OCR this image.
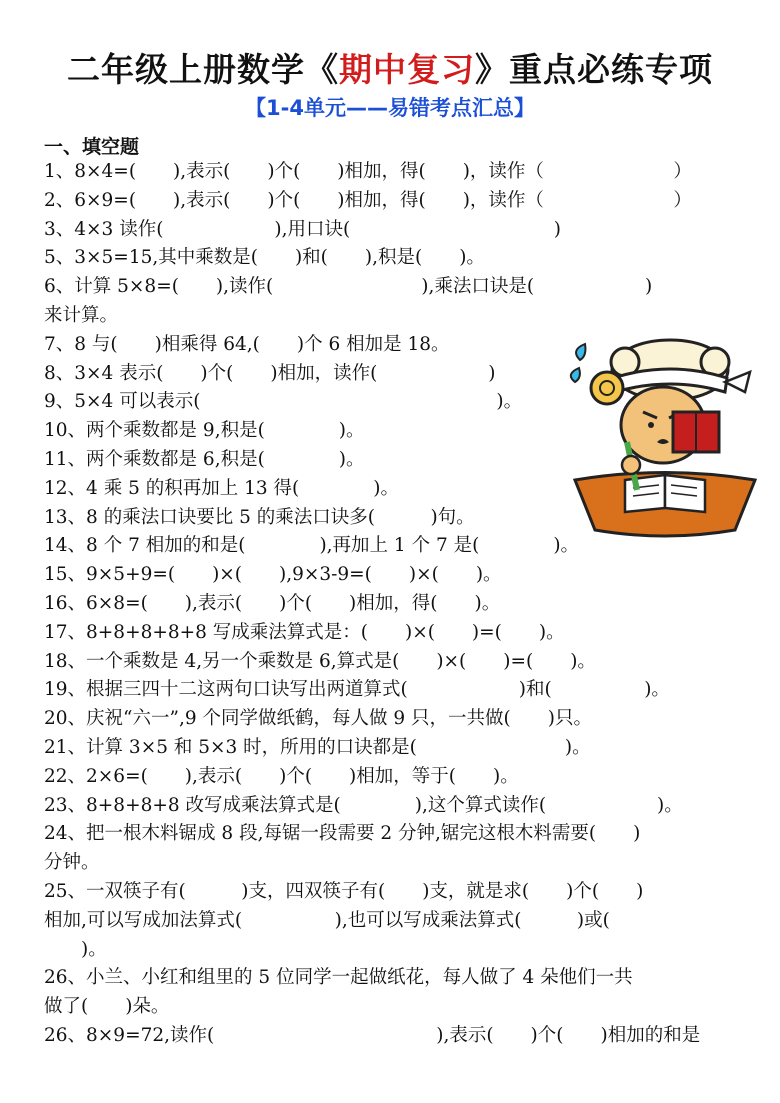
二年级上册数学《期中复习》重点必练专项
【1-4单元——易错考点汇总】
一、填空题
1、8×4=(　　),表示(　　)个(　　)相加，得(　　)，读作（　　　　　　　）
2、6×9=(　　),表示(　　)个(　　)相加，得(　　)，读作（　　　　　　　）
3、4×3 读作(　　　　　　),用口诀(　　　　　　　　　　　)
5、3×5=15,其中乘数是(　　)和(　　),积是(　　)。
6、计算 5×8=(　　),读作(　　　　　　　　),乘法口诀是(　　　　　　)
来计算。
7、8 与(　　)相乘得 64,(　　)个 6 相加是 18。
8、3×4 表示(　　)个(　　)相加，读作(　　　　　　)
9、5×4 可以表示(　　　　　　　　　　　　　　　　)。
10、两个乘数都是 9,积是(　　　　)。
11、两个乘数都是 6,积是(　　　　)。
12、4 乘 5 的积再加上 13 得(　　　　)。
13、8 的乘法口诀要比 5 的乘法口诀多(　　　)句。
14、8 个 7 相加的和是(　　　　),再加上 1 个 7 是(　　　　)。
15、9×5+9=(　　)×(　　),9×3-9=(　　)×(　　)。
16、6×8=(　　),表示(　　)个(　　)相加，得(　　)。
17、8+8+8+8+8 写成乘法算式是：(　　)×(　　)=(　　)。
18、一个乘数是 4,另一个乘数是 6,算式是(　　)×(　　)=(　　)。
19、根据三四十二这两句口诀写出两道算式(　　　　　　)和(　　　　　)。
20、庆祝“六一”,9 个同学做纸鹤，每人做 9 只，一共做(　　)只。
21、计算 3×5 和 5×3 时，所用的口诀都是(　　　　　　　　)。
22、2×6=(　　),表示(　　)个(　　)相加，等于(　　)。
23、8+8+8+8 改写成乘法算式是(　　　　),这个算式读作(　　　　　　)。
24、把一根木料锯成 8 段,每锯一段需要 2 分钟,锯完这根木料需要(　　)
分钟。
25、一双筷子有(　　　)支，四双筷子有(　　)支，就是求(　　)个(　　)
相加,可以写成加法算式(　　　　　),也可以写成乘法算式(　　　)或(
　　)。
26、小兰、小红和组里的 5 位同学一起做纸花，每人做了 4 朵他们一共
做了(　　)朵。
26、8×9=72,读作(　　　　　　　　　　　　),表示(　　)个(　　)相加的和是
